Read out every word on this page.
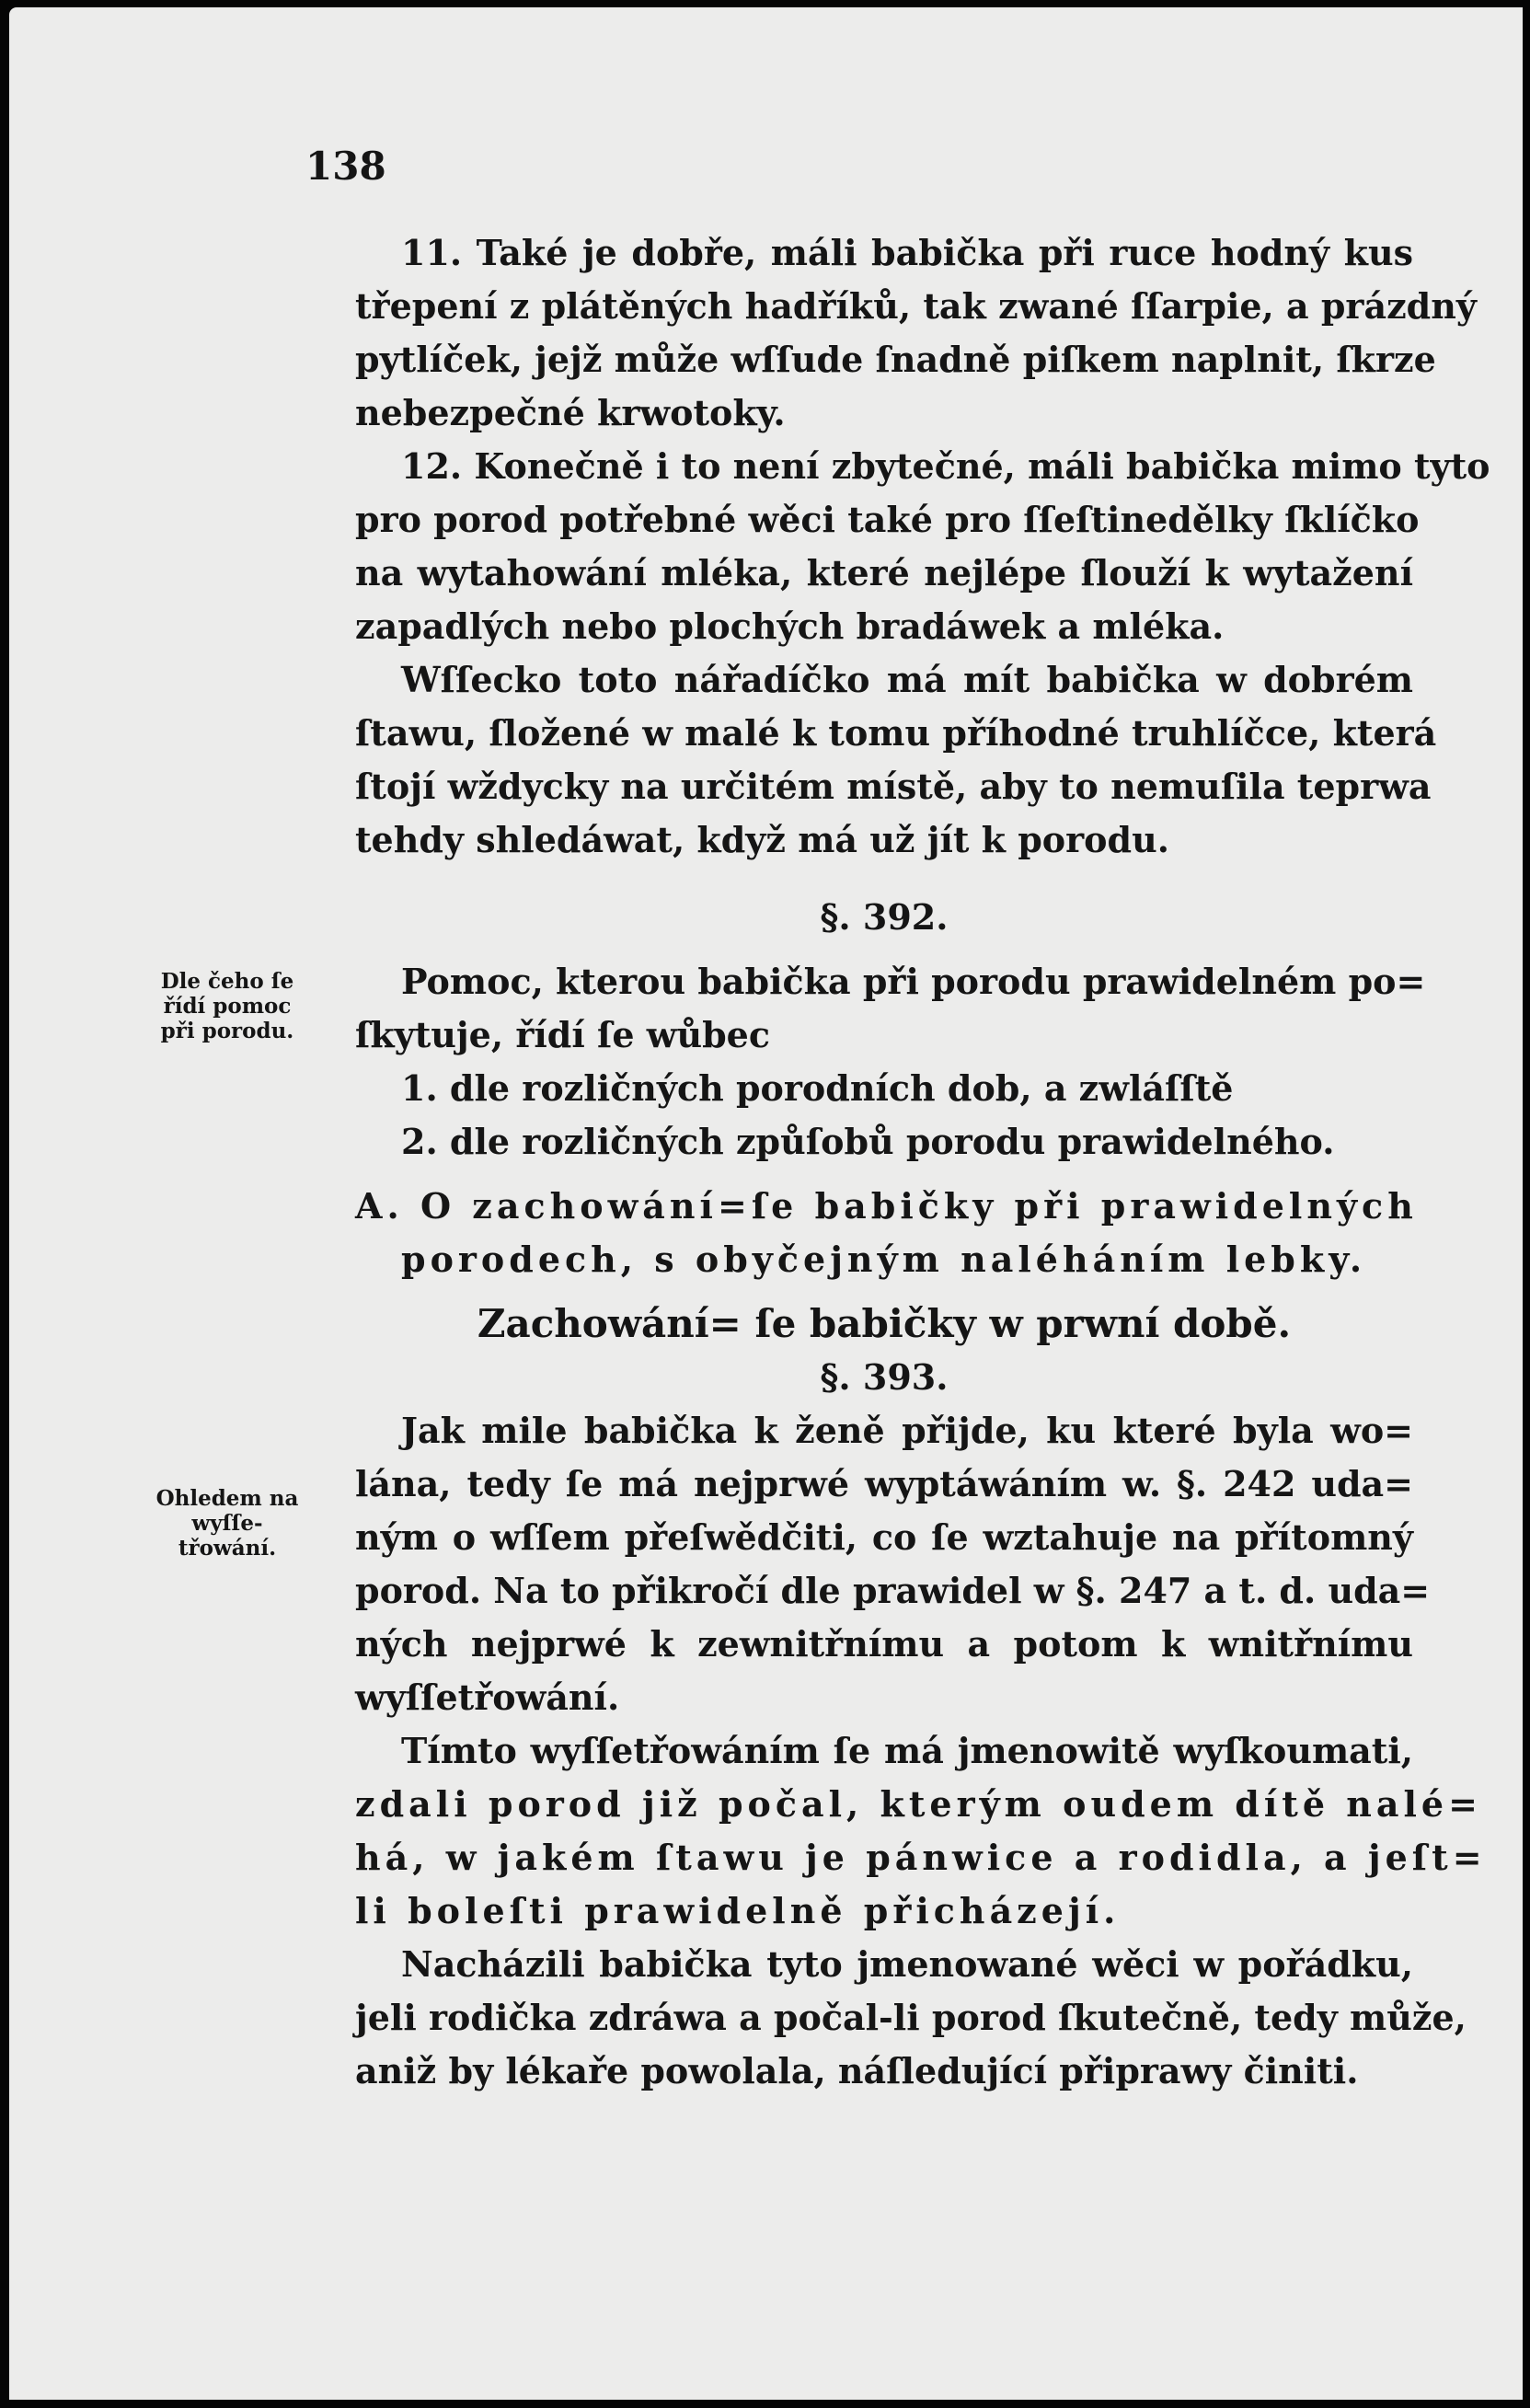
138
Dle čeho ſe řídí pomoc při porodu.
Ohledem na wyſſe- třowání.
11. Také je dobře, máli babička při ruce hodný kus
třepení z plátěných hadříků, tak zwané ſſarpie, a prázdný
pytlíček, jejž může wſſude ſnadně piſkem naplnit, ſkrze
nebezpečné krwotoky.
12. Konečně i to není zbytečné, máli babička mimo tyto
pro porod potřebné wěci také pro ſſeſtinedělky ſklíčko
na wytahowání mléka, které nejlépe ſlouží k wytažení
zapadlých nebo plochých bradáwek a mléka.
Wſſecko toto nářadíčko má mít babička w dobrém
ſtawu, ſložené w malé k tomu příhodné truhlíčce, která
ſtojí wždycky na určitém místě, aby to nemuſila teprwa
tehdy shledáwat, když má už jít k porodu.
§. 392.
Pomoc, kterou babička při porodu prawidelném po=
ſkytuje, řídí ſe wůbec
1. dle rozličných porodních dob, a zwláſſtě
2. dle rozličných způſobů porodu prawidelného.
A. O zachowání=ſe babičky při prawidelných
porodech, s obyčejným naléháním lebky.
Zachowání= ſe babičky w prwní době.
§. 393.
Jak mile babička k ženě přijde, ku které byla wo=
lána, tedy ſe má nejprwé wyptáwáním w. §. 242 uda=
ným o wſſem přeſwědčiti, co ſe wztahuje na přítomný
porod. Na to přikročí dle prawidel w §. 247 a t. d. uda=
ných nejprwé k zewnitřnímu a potom k wnitřnímu
wyſſetřowání.
Tímto wyſſetřowáním ſe má jmenowitě wyſkoumati,
zdali porod již počal, kterým oudem dítě nalé=
há, w jakém ſtawu je pánwice a rodidla, a jeſt=
li boleſti prawidelně přicházejí.
Nacházili babička tyto jmenowané wěci w pořádku,
jeli rodička zdráwa a počal-li porod ſkutečně, tedy může,
aniž by lékaře powolala, náſledující připrawy činiti.
